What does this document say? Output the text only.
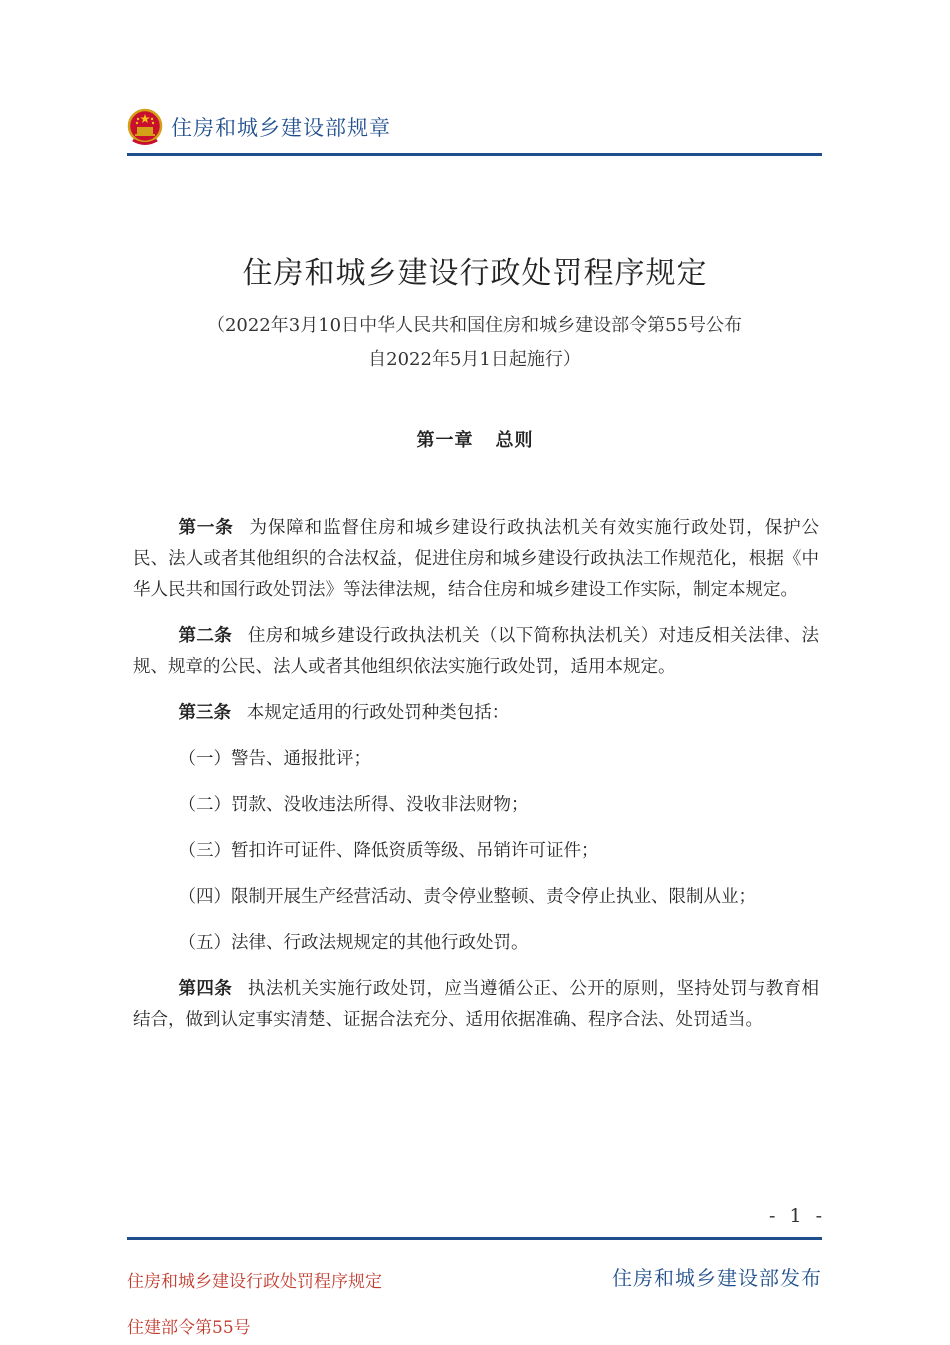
住房和城乡建设部规章
住房和城乡建设行政处罚程序规定
（2022年3月10日中华人民共和国住房和城乡建设部令第55号公布
自2022年5月1日起施行）
第一章 总则

第一条 为保障和监督住房和城乡建设行政执法机关有效实施行政处罚，保护公民、法人或者其他组织的合法权益，促进住房和城乡建设行政执法工作规范化，根据《中华人民共和国行政处罚法》等法律法规，结合住房和城乡建设工作实际，制定本规定。

第二条 住房和城乡建设行政执法机关（以下简称执法机关）对违反相关法律、法规、规章的公民、法人或者其他组织依法实施行政处罚，适用本规定。

第三条 本规定适用的行政处罚种类包括：

（一）警告、通报批评；

（二）罚款、没收违法所得、没收非法财物；

（三）暂扣许可证件、降低资质等级、吊销许可证件；

（四）限制开展生产经营活动、责令停业整顿、责令停止执业、限制从业；

（五）法律、行政法规规定的其他行政处罚。

第四条 执法机关实施行政处罚，应当遵循公正、公开的原则，坚持处罚与教育相结合，做到认定事实清楚、证据合法充分、适用依据准确、程序合法、处罚适当。

- 1 -
住房和城乡建设行政处罚程序规定
住建部令第55号
住房和城乡建设部发布
